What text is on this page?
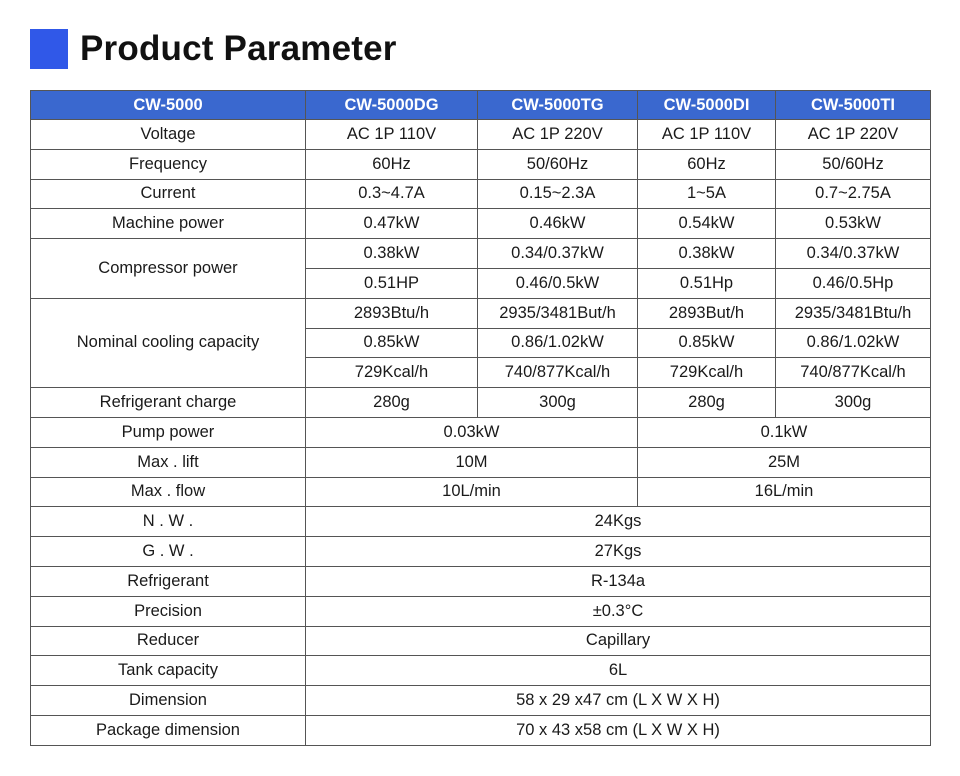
Product Parameter
CW-5000	CW-5000DG	CW-5000TG	CW-5000DI	CW-5000TI
Voltage	AC 1P 110V	AC 1P 220V	AC 1P 110V	AC 1P 220V
Frequency	60Hz	50/60Hz	60Hz	50/60Hz
Current	0.3~4.7A	0.15~2.3A	1~5A	0.7~2.75A
Machine power	0.47kW	0.46kW	0.54kW	0.53kW
Compressor power	0.38kW	0.34/0.37kW	0.38kW	0.34/0.37kW
	0.51HP	0.46/0.5kW	0.51Hp	0.46/0.5Hp
Nominal cooling capacity	2893Btu/h	2935/3481But/h	2893But/h	2935/3481Btu/h
	0.85kW	0.86/1.02kW	0.85kW	0.86/1.02kW
	729Kcal/h	740/877Kcal/h	729Kcal/h	740/877Kcal/h
Refrigerant charge	280g	300g	280g	300g
Pump power	0.03kW		0.1kW	
Max . lift	10M		25M	
Max . flow	10L/min		16L/min	
N . W .	24Kgs			
G . W .	27Kgs			
Refrigerant	R-134a			
Precision	±0.3°C			
Reducer	Capillary			
Tank capacity	6L			
Dimension	58 x 29 x47 cm (L X W X H)			
Package dimension	70 x 43 x58 cm (L X W X H)			
